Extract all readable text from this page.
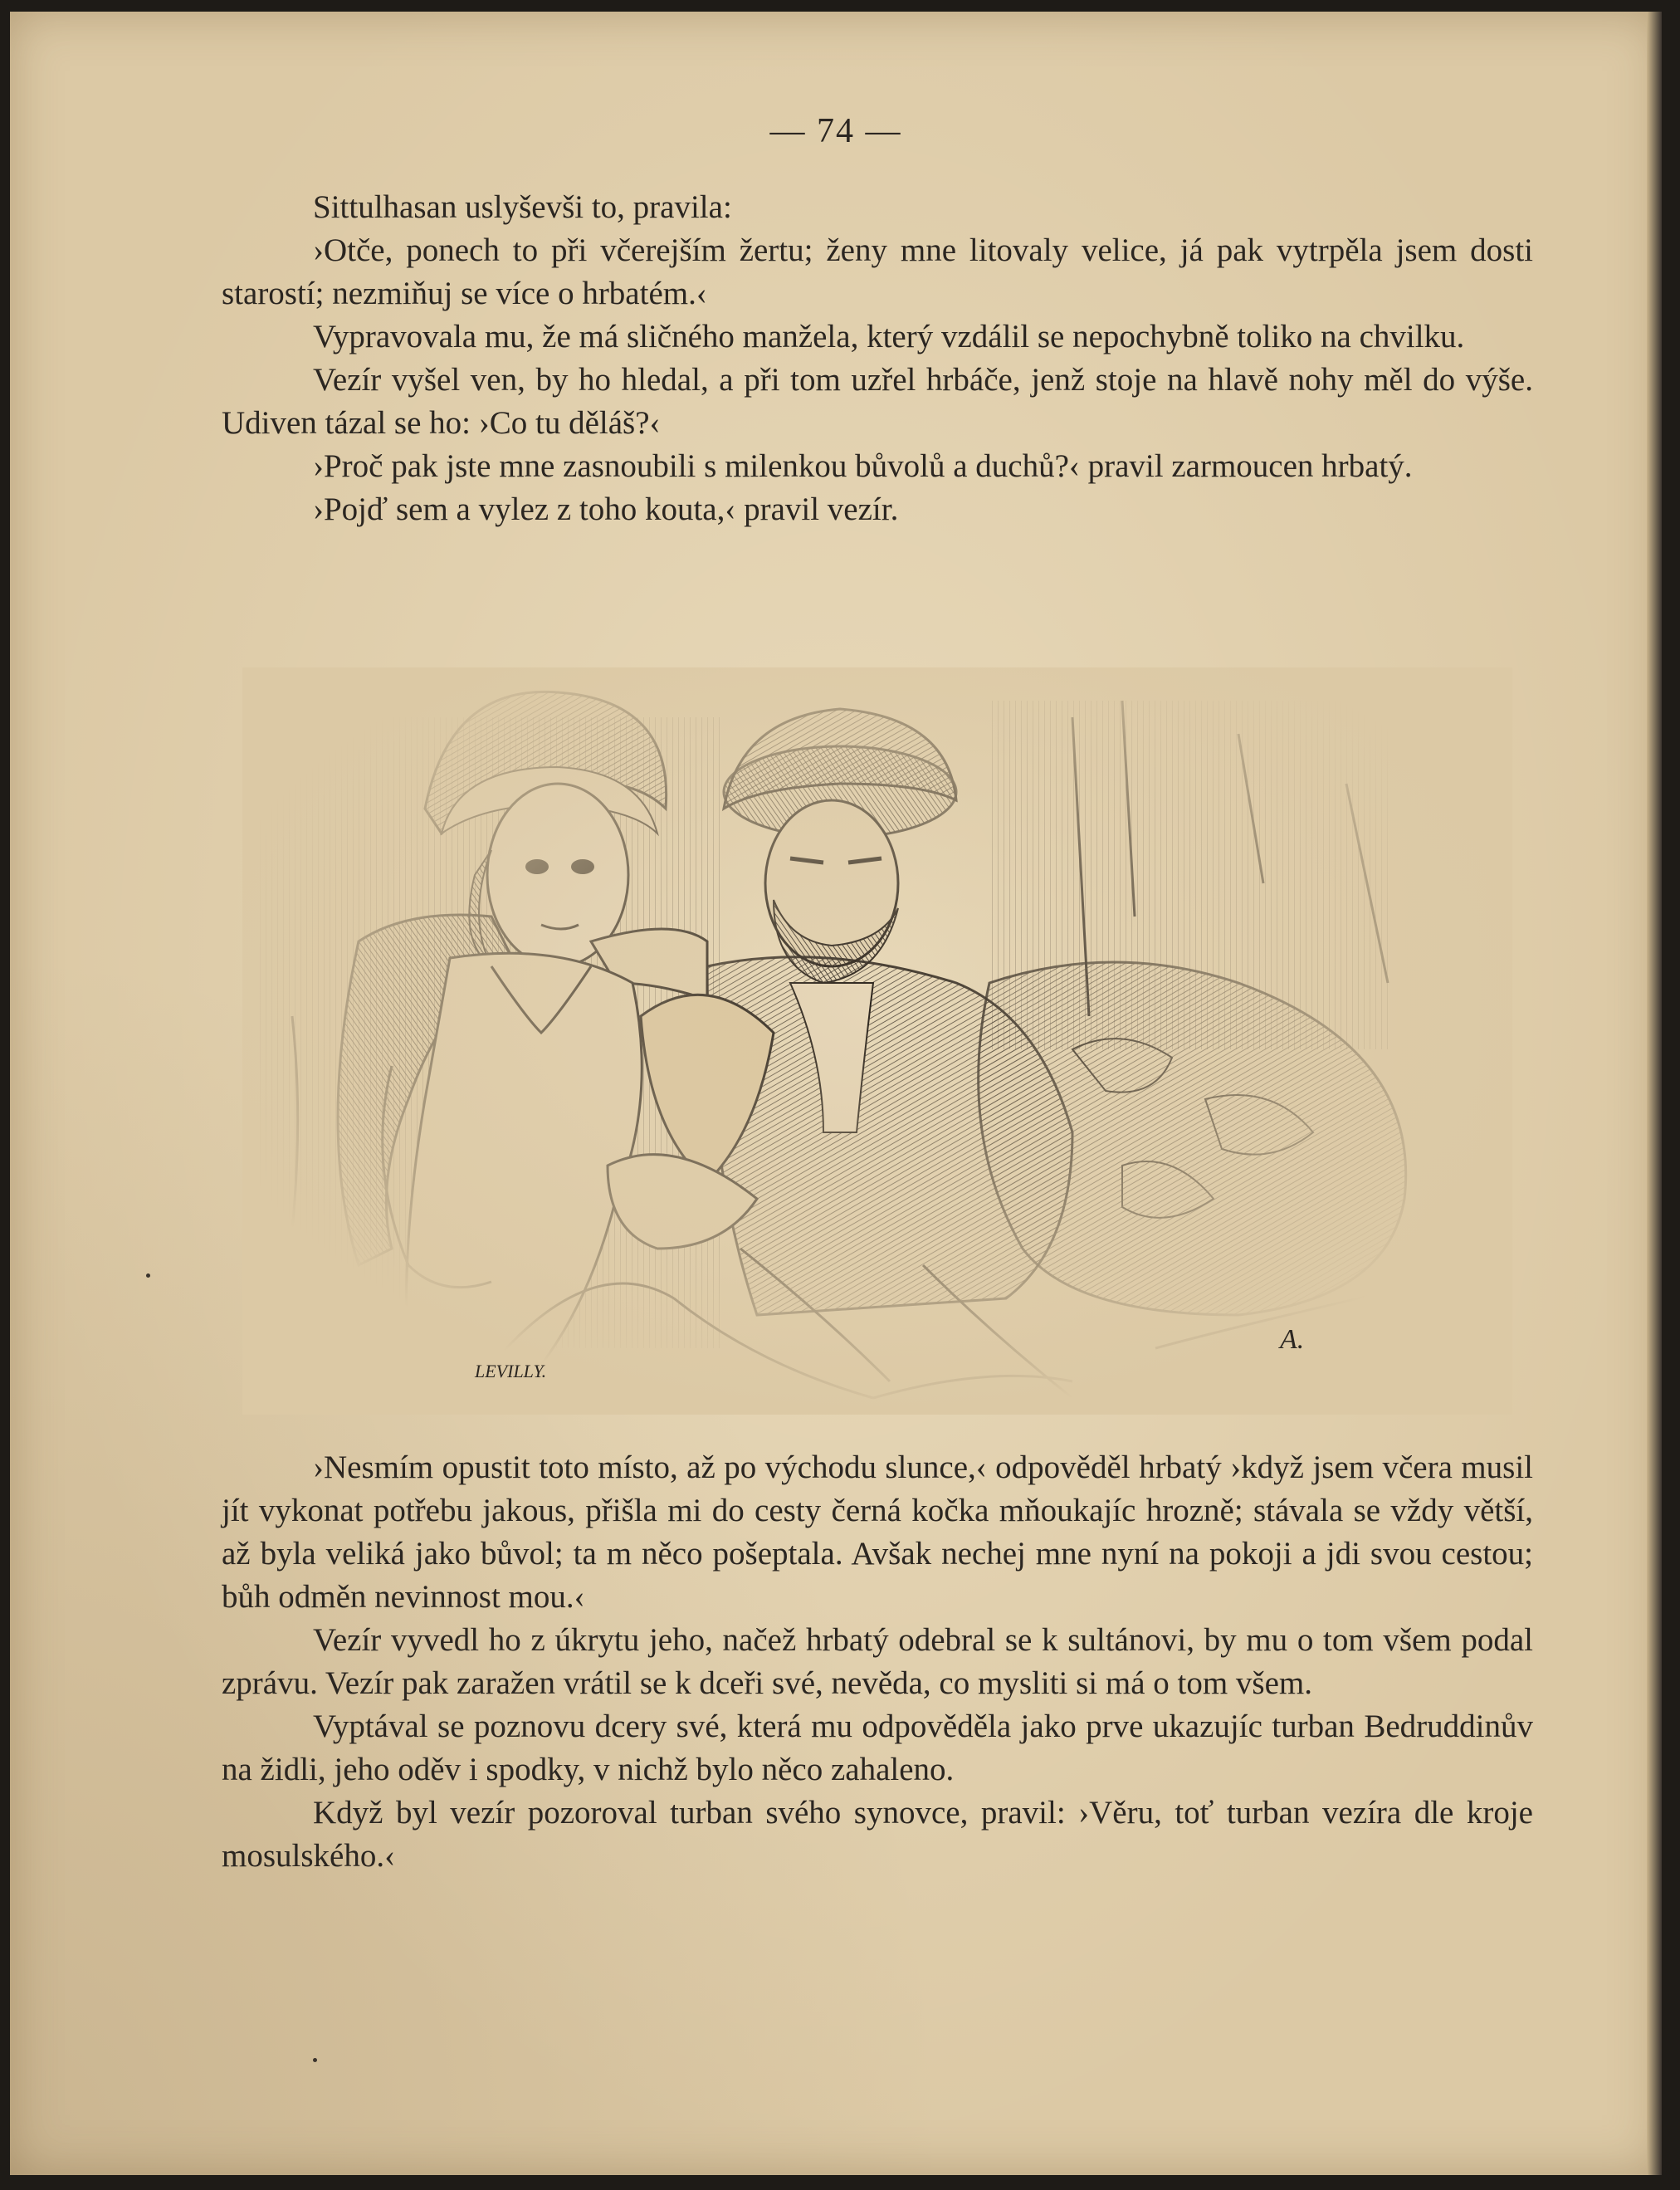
— 74 —

Sittulhasan uslyševši to, pravila:

›Otče, ponech to při včerejším žertu; ženy mne litovaly velice, já pak vytrpěla jsem dosti starostí; nezmiňuj se více o hrbatém.‹

Vypravovala mu, že má sličného manžela, který vzdálil se nepochybně toliko na chvilku.

Vezír vyšel ven, by ho hledal, a při tom uzřel hrbáče, jenž stoje na hlavě nohy měl do výše. Udiven tázal se ho: ›Co tu děláš?‹

›Proč pak jste mne zasnoubili s milenkou bůvolů a duchů?‹ pravil zarmoucen hrbatý.

›Pojď sem a vylez z toho kouta,‹ pravil vezír.

LEVILLY.
A.

›Nesmím opustit toto místo, až po východu slunce,‹ odpověděl hrbatý ›když jsem včera musil jít vykonat potřebu jakous, přišla mi do cesty černá kočka mňoukajíc hrozně; stávala se vždy větší, až byla veliká jako bůvol; ta m něco pošeptala. Avšak nechej mne nyní na pokoji a jdi svou cestou; bůh odměn nevinnost mou.‹

Vezír vyvedl ho z úkrytu jeho, načež hrbatý odebral se k sultánovi, by mu o tom všem podal zprávu. Vezír pak zaražen vrátil se k dceři své, nevěda, co mysliti si má o tom všem.

Vyptával se poznovu dcery své, která mu odpověděla jako prve ukazujíc turban Bedruddinův na židli, jeho oděv i spodky, v nichž bylo něco zahaleno.

Když byl vezír pozoroval turban svého synovce, pravil: ›Věru, toť turban vezíra dle kroje mosulského.‹
